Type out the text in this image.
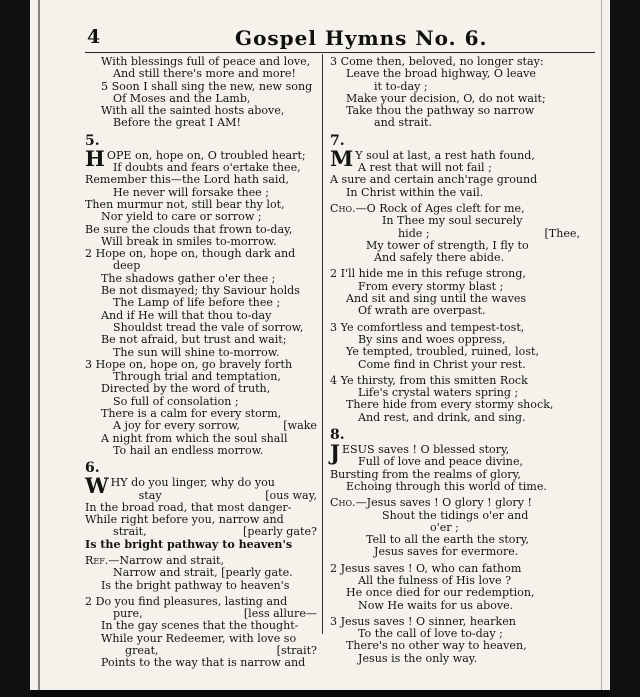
4	Gospel Hymns No. 6.
With blessings full of peace and love,
And still there's more and more!
5 Soon I shall sing the new, new song
Of Moses and the Lamb,
With all the sainted hosts above,
Before the great I AM!
5.
HOPE on, hope on, O troubled heart;
If doubts and fears o'ertake thee,
Remember this—the Lord hath said,
He never will forsake thee ;
Then murmur not, still bear thy lot,
Nor yield to care or sorrow ;
Be sure the clouds that frown to-day,
Will break in smiles to-morrow.
2 Hope on, hope on, though dark and
deep
The shadows gather o'er thee ;
Be not dismayed; thy Saviour holds
The Lamp of life before thee ;
And if He will that thou to-day
Shouldst tread the vale of sorrow,
Be not afraid, but trust and wait;
The sun will shine to-morrow.
3 Hope on, hope on, go bravely forth
Through trial and temptation,
Directed by the word of truth,
So full of consolation ;
There is a calm for every storm,
A joy for every sorrow,	[wake
A night from which the soul shall
To hail an endless morrow.
6.
WHY do you linger, why do you
stay	[ous way,
In the broad road, that most danger-
While right before you, narrow and
strait,	[pearly gate?
Is the bright pathway to heaven's
Ref.—Narrow and strait,
Narrow and strait, [pearly gate.
Is the bright pathway to heaven's
2 Do you find pleasures, lasting and
pure,	[less allure—
In the gay scenes that the thought-
While your Redeemer, with love so
great,	[strait?
Points to the way that is narrow and
3 Come then, beloved, no longer stay:
Leave the broad highway, O leave
it to-day ;
Make your decision, O, do not wait;
Take thou the pathway so narrow
and strait.
7.
M Y soul at last, a rest hath found,
A rest that will not fail ;
A sure and certain anch'rage ground
In Christ within the vail.
Cho.—O Rock of Ages cleft for me,
In Thee my soul securely
hide ;	[Thee,
My tower of strength, I fly to
And safely there abide.
2 I'll hide me in this refuge strong,
From every stormy blast ;
And sit and sing until the waves
Of wrath are overpast.
3 Ye comfortless and tempest-tost,
By sins and woes oppress,
Ye tempted, troubled, ruined, lost,
Come find in Christ your rest.
4 Ye thirsty, from this smitten Rock
Life's crystal waters spring ;
There hide from every stormy shock,
And rest, and drink, and sing.
8.
JESUS saves ! O blessed story,
Full of love and peace divine,
Bursting from the realms of glory,
Echoing through this world of time.
Cho.—Jesus saves ! O glory ! glory !
Shout the tidings o'er and
o'er ;
Tell to all the earth the story,
Jesus saves for evermore.
2 Jesus saves ! O, who can fathom
All the fulness of His love ?
He once died for our redemption,
Now He waits for us above.
3 Jesus saves ! O sinner, hearken
To the call of love to-day ;
There's no other way to heaven,
Jesus is the only way.
